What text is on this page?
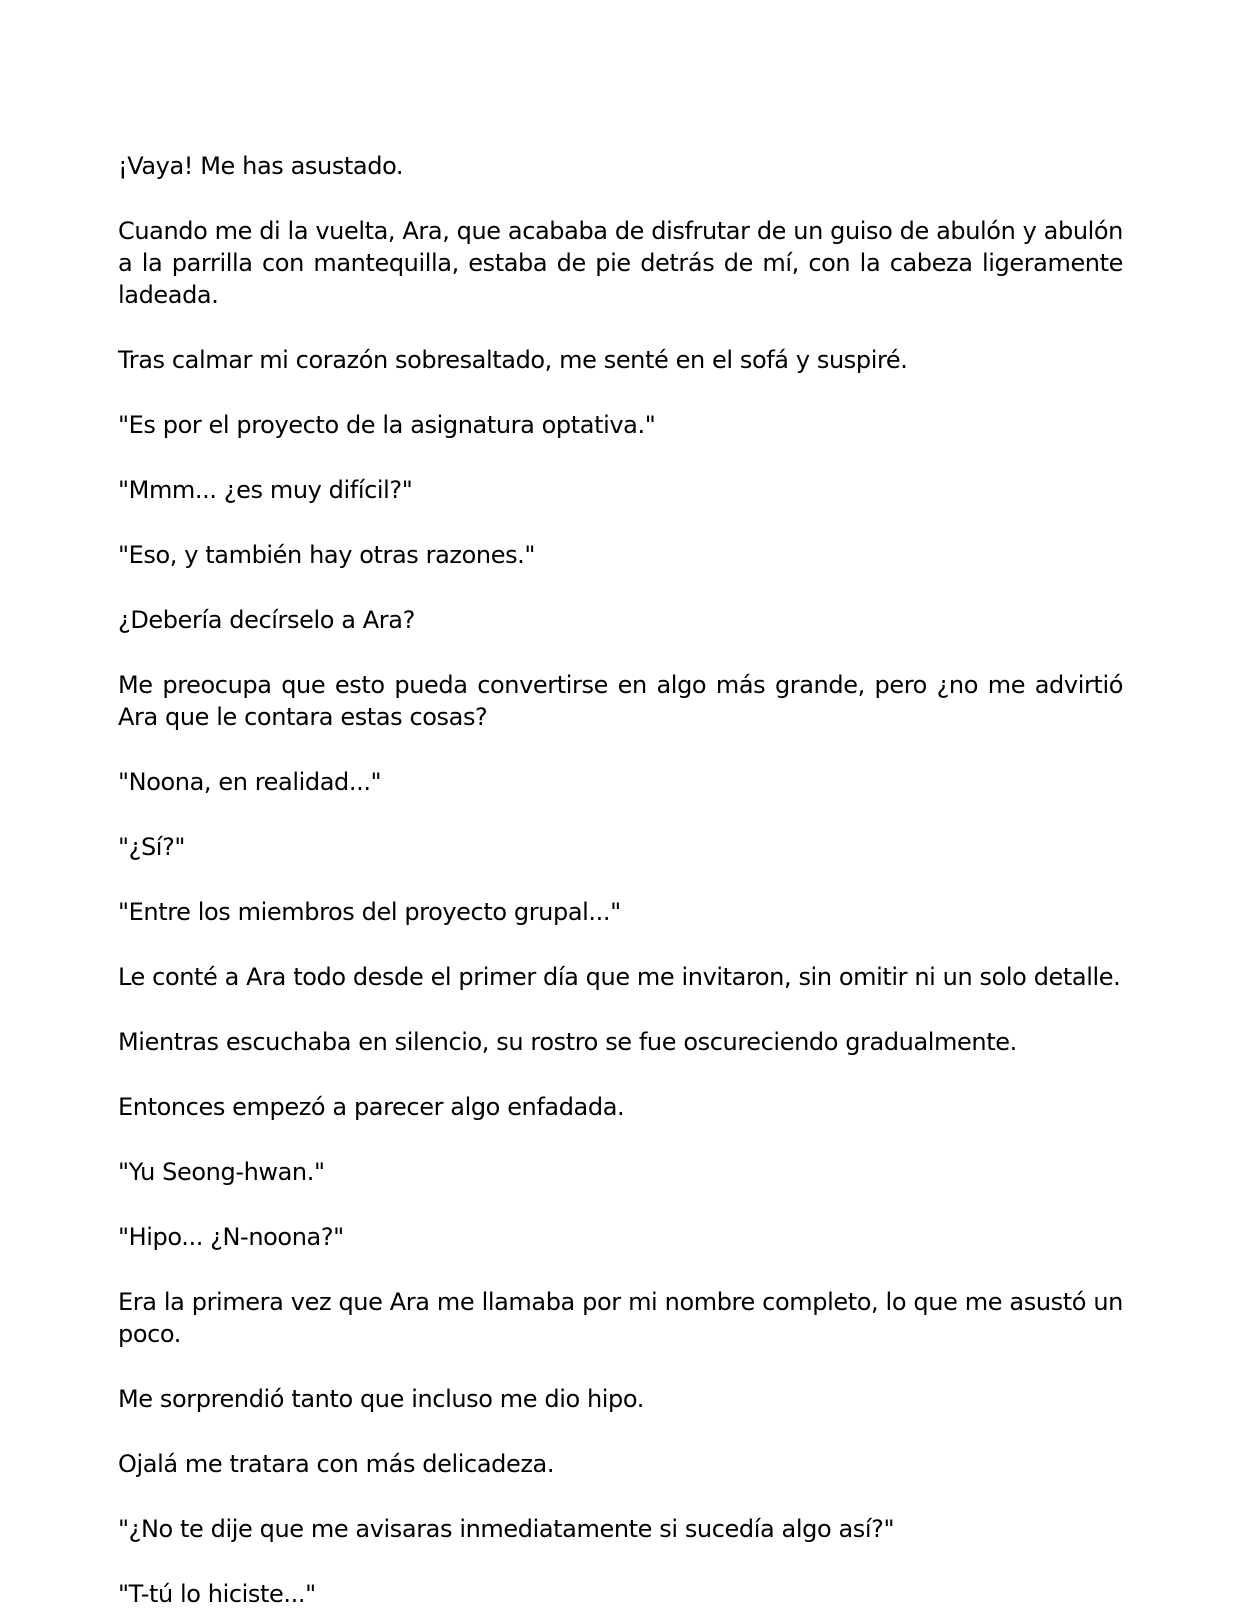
¡Vaya! Me has asustado.

Cuando me di la vuelta, Ara, que acababa de disfrutar de un guiso de abulón y abulón a la parrilla con mantequilla, estaba de pie detrás de mí, con la cabeza ligeramente ladeada.

Tras calmar mi corazón sobresaltado, me senté en el sofá y suspiré.

"Es por el proyecto de la asignatura optativa."

"Mmm... ¿es muy difícil?"

"Eso, y también hay otras razones."

¿Debería decírselo a Ara?

Me preocupa que esto pueda convertirse en algo más grande, pero ¿no me advirtió Ara que le contara estas cosas?

"Noona, en realidad..."

"¿Sí?"

"Entre los miembros del proyecto grupal..."

Le conté a Ara todo desde el primer día que me invitaron, sin omitir ni un solo detalle.

Mientras escuchaba en silencio, su rostro se fue oscureciendo gradualmente.

Entonces empezó a parecer algo enfadada.

"Yu Seong-hwan."

"Hipo... ¿N-noona?"

Era la primera vez que Ara me llamaba por mi nombre completo, lo que me asustó un poco.

Me sorprendió tanto que incluso me dio hipo.

Ojalá me tratara con más delicadeza.

"¿No te dije que me avisaras inmediatamente si sucedía algo así?"

"T-tú lo hiciste..."
